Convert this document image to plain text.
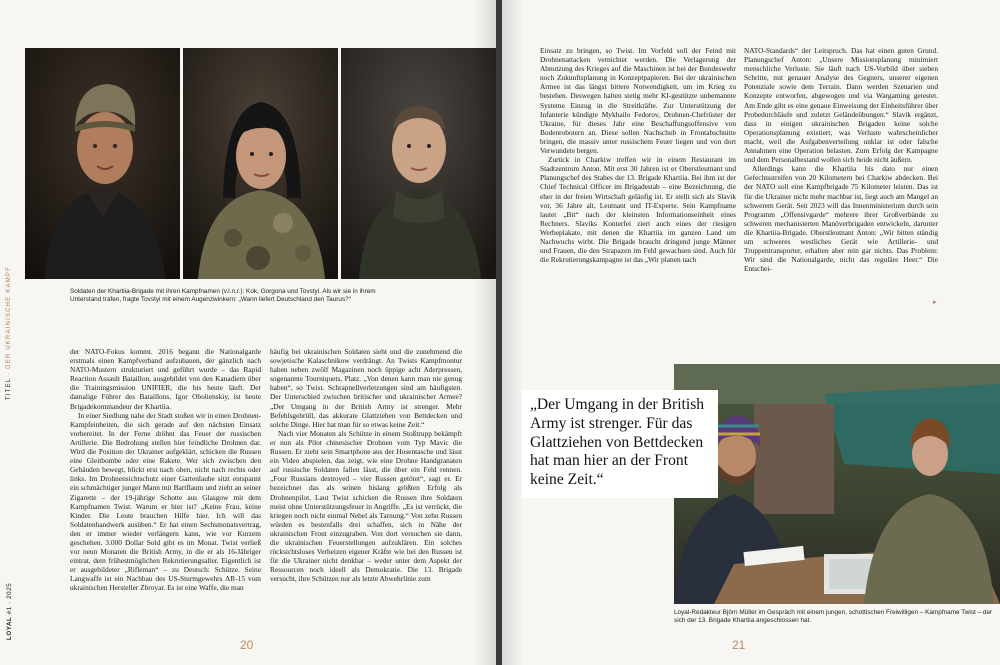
Soldaten der Khartiia-Brigade mit ihren Kampfnamen (v.l.n.r.): Kok, Gorgona und Tovstyi. Als wir sie in ihrem Unterstand trafen, fragte Tovstyi mit einem Augenzwinkern: „Wann liefert Deutschland den Taurus?“
TITEL · DER UKRAINISCHE KAMPF
LOYAL #1 · 2025

der NATO-Fokus kommt. 2016 begann die Nationalgarde erstmals einen Kampfverband aufzubauen, der gänzlich nach NATO-Mustern strukturiert und geführt wurde – das Rapid Reaction Assault Bataillon, ausgebildet von den Kanadiern über die Trainingsmission UNIFIER, die bis heute läuft. Der damalige Führer des Bataillons, Igor Obolienskiy, ist heute Brigadekommandeur der Khartiia.

In einer Siedlung nahe der Stadt stoßen wir in einen Drohnen-Kampfeinheiten, die sich gerade auf den nächsten Einsatz vorbereitet. In der Ferne dröhnt das Feuer der russischen Artillerie. Die Bedrohung stellen hier feindliche Drohnen dar. Wird die Position der Ukrainer aufgeklärt, schicken die Russen eine Gleitbombe oder eine Rakete. Wer sich zwischen den Gebäuden bewegt, blickt erst nach oben, nicht nach rechts oder links. Im Drohnensichtschutz einer Gartenlaube sitzt entspannt ein schmächtiger junger Mann mit Bartflaum und zieht an seiner Zigarette – der 19-jährige Schotte aus Glasgow mit dem Kampfnamen Twist. Warum er hier ist? „Keine Frau, keine Kinder. Die Leute brauchen Hilfe hier. Ich will das Soldatenhandwerk ausüben.“ Er hat einen Sechsmonatsvertrag, den er immer wieder verlängern kann, wie vor Kurzem geschehen. 3.000 Dollar Sold gibt es im Monat. Twist verließ vor neun Monaten die British Army, in die er als 16-Jähriger eintrat, dem frühestmöglichen Rekrutierungsalter. Eigentlich ist er ausgebildeter „Rifleman“ – zu Deutsch: Schütze. Seine Langwaffe ist ein Nachbau des US-Sturmgewehrs AR-15 vom ukrainischen Hersteller Zbroyar. Es ist eine Waffe, die man

häufig bei ukrainischen Soldaten sieht und die zunehmend die sowjetische Kalaschnikow verdrängt. An Twists Kampfmontur haben neben zwölf Magazinen noch üppige acht Aderpressen, sogenannte Tourniquets, Platz. „Von denen kann man nie genug haben“, so Twist. Schrapnellverletzungen sind am häufigsten. Der Unterschied zwischen britischer und ukrainischer Armee? „Der Umgang in der British Army ist strenger. Mehr Befehlsgebrüll, das akkurate Glattziehen von Bettdecken und solche Dinge. Hier hat man für so etwas keine Zeit.“

Nach vier Monaten als Schütze in einem Stoßtrupp bekämpft er nun als Pilot chinesischer Drohnen vom Typ Mavic die Russen. Er zieht sein Smartphone aus der Hosentasche und lässt ein Video abspielen, das zeigt, wie eine Drohne Handgranaten auf russische Soldaten fallen lässt, die über ein Feld rennen. „Four Russians destroyed – vier Russen getötet“, sagt er. Er bezeichnet das als seinen bislang größten Erfolg als Drohnenpilot. Laut Twist schicken die Russen ihre Soldaten meist ohne Unterstützungsfeuer in Angriffe. „Es ist verrückt, die kriegen noch nicht einmal Nebel als Tarnung.“ Von zehn Russen würden es bestenfalls drei schaffen, sich in Nähe der ukrainischen Front einzugraben. Von dort versuchen sie dann, die ukrainischen Feuerstellungen aufzuklären. Ein solches rücksichtsloses Verheizen eigener Kräfte wie bei den Russen ist für die Ukrainer nicht denkbar – weder unter dem Aspekt der Ressourcen noch ideell als Demokratie. Die 13. Brigade versucht, ihre Schützen nur als letzte Abwehrlinie zum

20

Einsatz zu bringen, so Twist. Im Vorfeld soll der Feind mit Drohnenattacken vernichtet werden. Die Verlagerung der Abnutzung des Krieges auf die Maschinen ist bei der Bundeswehr noch Zukunftsplanung in Konzeptpapieren. Bei der ukrainischen Armee ist das längst bittere Notwendigkeit, um im Krieg zu bestehen. Deswegen halten stetig mehr KI-gestützte unbemannte Systeme Einzug in die Streitkräfte. Zur Unterstützung der Infanterie kündigte Mykhailo Fedorov, Drohnen-Chefrüster der Ukraine, für dieses Jahr eine Beschaffungsoffensive von Bodenrobotern an. Diese sollen Nachschub in Frontabschnitte bringen, die massiv unter russischem Feuer liegen und von dort Verwundete bergen.

Zurück in Charkiw treffen wir in einem Restaurant im Stadtzentrum Anton. Mit erst 30 Jahren ist er Oberstleutnant und Planungschef des Stabes der 13. Brigade Khartiia. Bei ihm ist der Chief Technical Officer im Brigadestab – eine Bezeichnung, die eher in der freien Wirtschaft geläufig ist. Er stellt sich als Slavik vor, 36 Jahre alt, Leutnant und IT-Experte. Sein Kampfname lautet „Bit“ nach der kleinsten Informationseinheit eines Rechners. Slaviks Konterfei ziert auch eines der riesigen Werbeplakate, mit denen die Khartiia im ganzen Land um Nachwuchs wirbt. Die Brigade braucht dringend junge Männer und Frauen, die den Strapazen im Feld gewachsen sind. Auch für die Rekrutierungskampagne ist das „Wir planen nach

NATO-Standards“ der Leitspruch. Das hat einen guten Grund. Planungschef Anton: „Unsere Missionsplanung minimiert menschliche Verluste. Sie läuft nach US-Vorbild über sieben Schritte, mit genauer Analyse des Gegners, unserer eigenen Potenziale sowie dem Terrain. Dann werden Szenarien und Konzepte entworfen, abgewogen und via Wargaming getestet. Am Ende gibt es eine genaue Einweisung der Einheitsführer über Probedurchläufe und zuletzt Geländeübungen.“ Slavik ergänzt, dass in einigen ukrainischen Brigaden keine solche Operationsplanung existiert, was Verluste wahrscheinlicher macht, weil die Aufgabenverteilung unklar ist oder falsche Annahmen eine Operation belasten. Zum Erfolg der Kampagne und dem Personalbestand wollen sich beide nicht äußern.

Allerdings kann die Khartiia bis dato nur einen Gefechtsstreifen von 20 Kilometern bei Charkiw abdecken. Bei der NATO soll eine Kampfbrigade 75 Kilometer leisten. Das ist für die Ukrainer nicht mehr machbar ist, liegt auch am Mangel an schwerem Gerät. Seit 2023 will das Innenministerium durch sein Programm „Offensivgarde“ mehrere ihrer Großverbände zu schweren mechanisierten Manöverbrigaden entwickeln, darunter die Khartiia-Brigade. Oberstleutnant Anton: „Wir bitten ständig um schweres westliches Gerät wie Artillerie- und Truppentransporter, erhalten aber rein gar nichts. Das Problem: Wir sind die Nationalgarde, nicht das reguläre Heer.“ Die Entschei-

▸
„Der Umgang in der British Army ist strenger. Für das Glattziehen von Bettdecken hat man hier an der Front keine Zeit.“
Loyal-Redakteur Björn Müller im Gespräch mit einem jungen, schottischen Freiwilligen – Kampfname Twist – der sich der 13. Brigade Khartiia angeschlossen hat.
21
